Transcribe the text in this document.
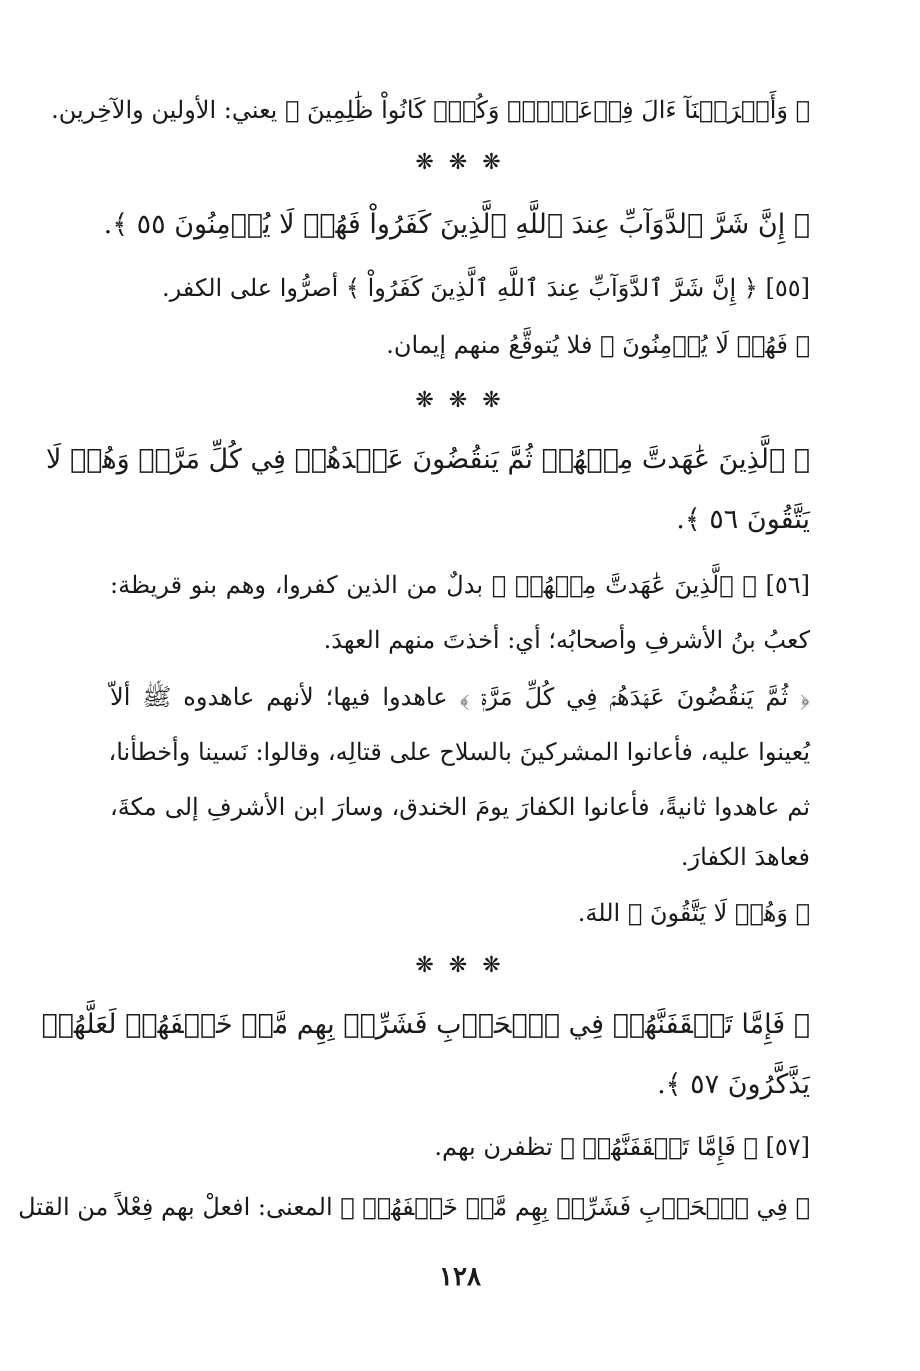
﴿ وَأَغۡرَقۡنَآ ءَالَ فِرۡعَوۡنَۚ وَكُلّٞ كَانُواْ ظَٰلِمِينَ ﴾ يعني: الأولين والآخِرين.
❋ ❋ ❋
﴿ إِنَّ شَرَّ ٱلدَّوَآبِّ عِندَ ٱللَّهِ ٱلَّذِينَ كَفَرُواْ فَهُمۡ لَا يُؤۡمِنُونَ ٥٥ ﴾.
[٥٥] ﴿ إِنَّ شَرَّ ٱلدَّوَآبِّ عِندَ ٱللَّهِ ٱلَّذِينَ كَفَرُواْ ﴾ أصرُّوا على الكفر.
﴿ فَهُمۡ لَا يُؤۡمِنُونَ ﴾ فلا يُتوقَّعُ منهم إيمان.
❋ ❋ ❋
﴿ ٱلَّذِينَ عَٰهَدتَّ مِنۡهُمۡ ثُمَّ يَنقُضُونَ عَهۡدَهُمۡ فِي كُلِّ مَرَّةٖ وَهُمۡ لَا
يَتَّقُونَ ٥٦ ﴾.
[٥٦] ﴿ ٱلَّذِينَ عَٰهَدتَّ مِنۡهُمۡ ﴾ بدلٌ من الذين كفروا، وهم بنو قريظة:
كعبُ بنُ الأشرفِ وأصحابُه؛ أي: أخذتَ منهم العهدَ.
﴿ ثُمَّ يَنقُضُونَ عَهۡدَهُمۡ فِي كُلِّ مَرَّةٖ ﴾ عاهدوا فيها؛ لأنهم عاهدوه ﷺ ألاّ
يُعينوا عليه، فأعانوا المشركينَ بالسلاح على قتالِه، وقالوا: نَسينا وأخطأنا،
ثم عاهدوا ثانيةً، فأعانوا الكفارَ يومَ الخندق، وسارَ ابن الأشرفِ إلى مكةَ،
فعاهدَ الكفارَ.
﴿ وَهُمۡ لَا يَتَّقُونَ ﴾ اللهَ.
❋ ❋ ❋
﴿ فَإِمَّا تَثۡقَفَنَّهُمۡ فِي ٱلۡحَرۡبِ فَشَرِّدۡ بِهِم مَّنۡ خَلۡفَهُمۡ لَعَلَّهُمۡ
يَذَّكَّرُونَ ٥٧ ﴾.
[٥٧] ﴿ فَإِمَّا تَثۡقَفَنَّهُمۡ ﴾ تظفرن بهم.
﴿ فِي ٱلۡحَرۡبِ فَشَرِّدۡ بِهِم مَّنۡ خَلۡفَهُمۡ ﴾ المعنى: افعلْ بهم فِعْلاً من القتل
١٢٨
